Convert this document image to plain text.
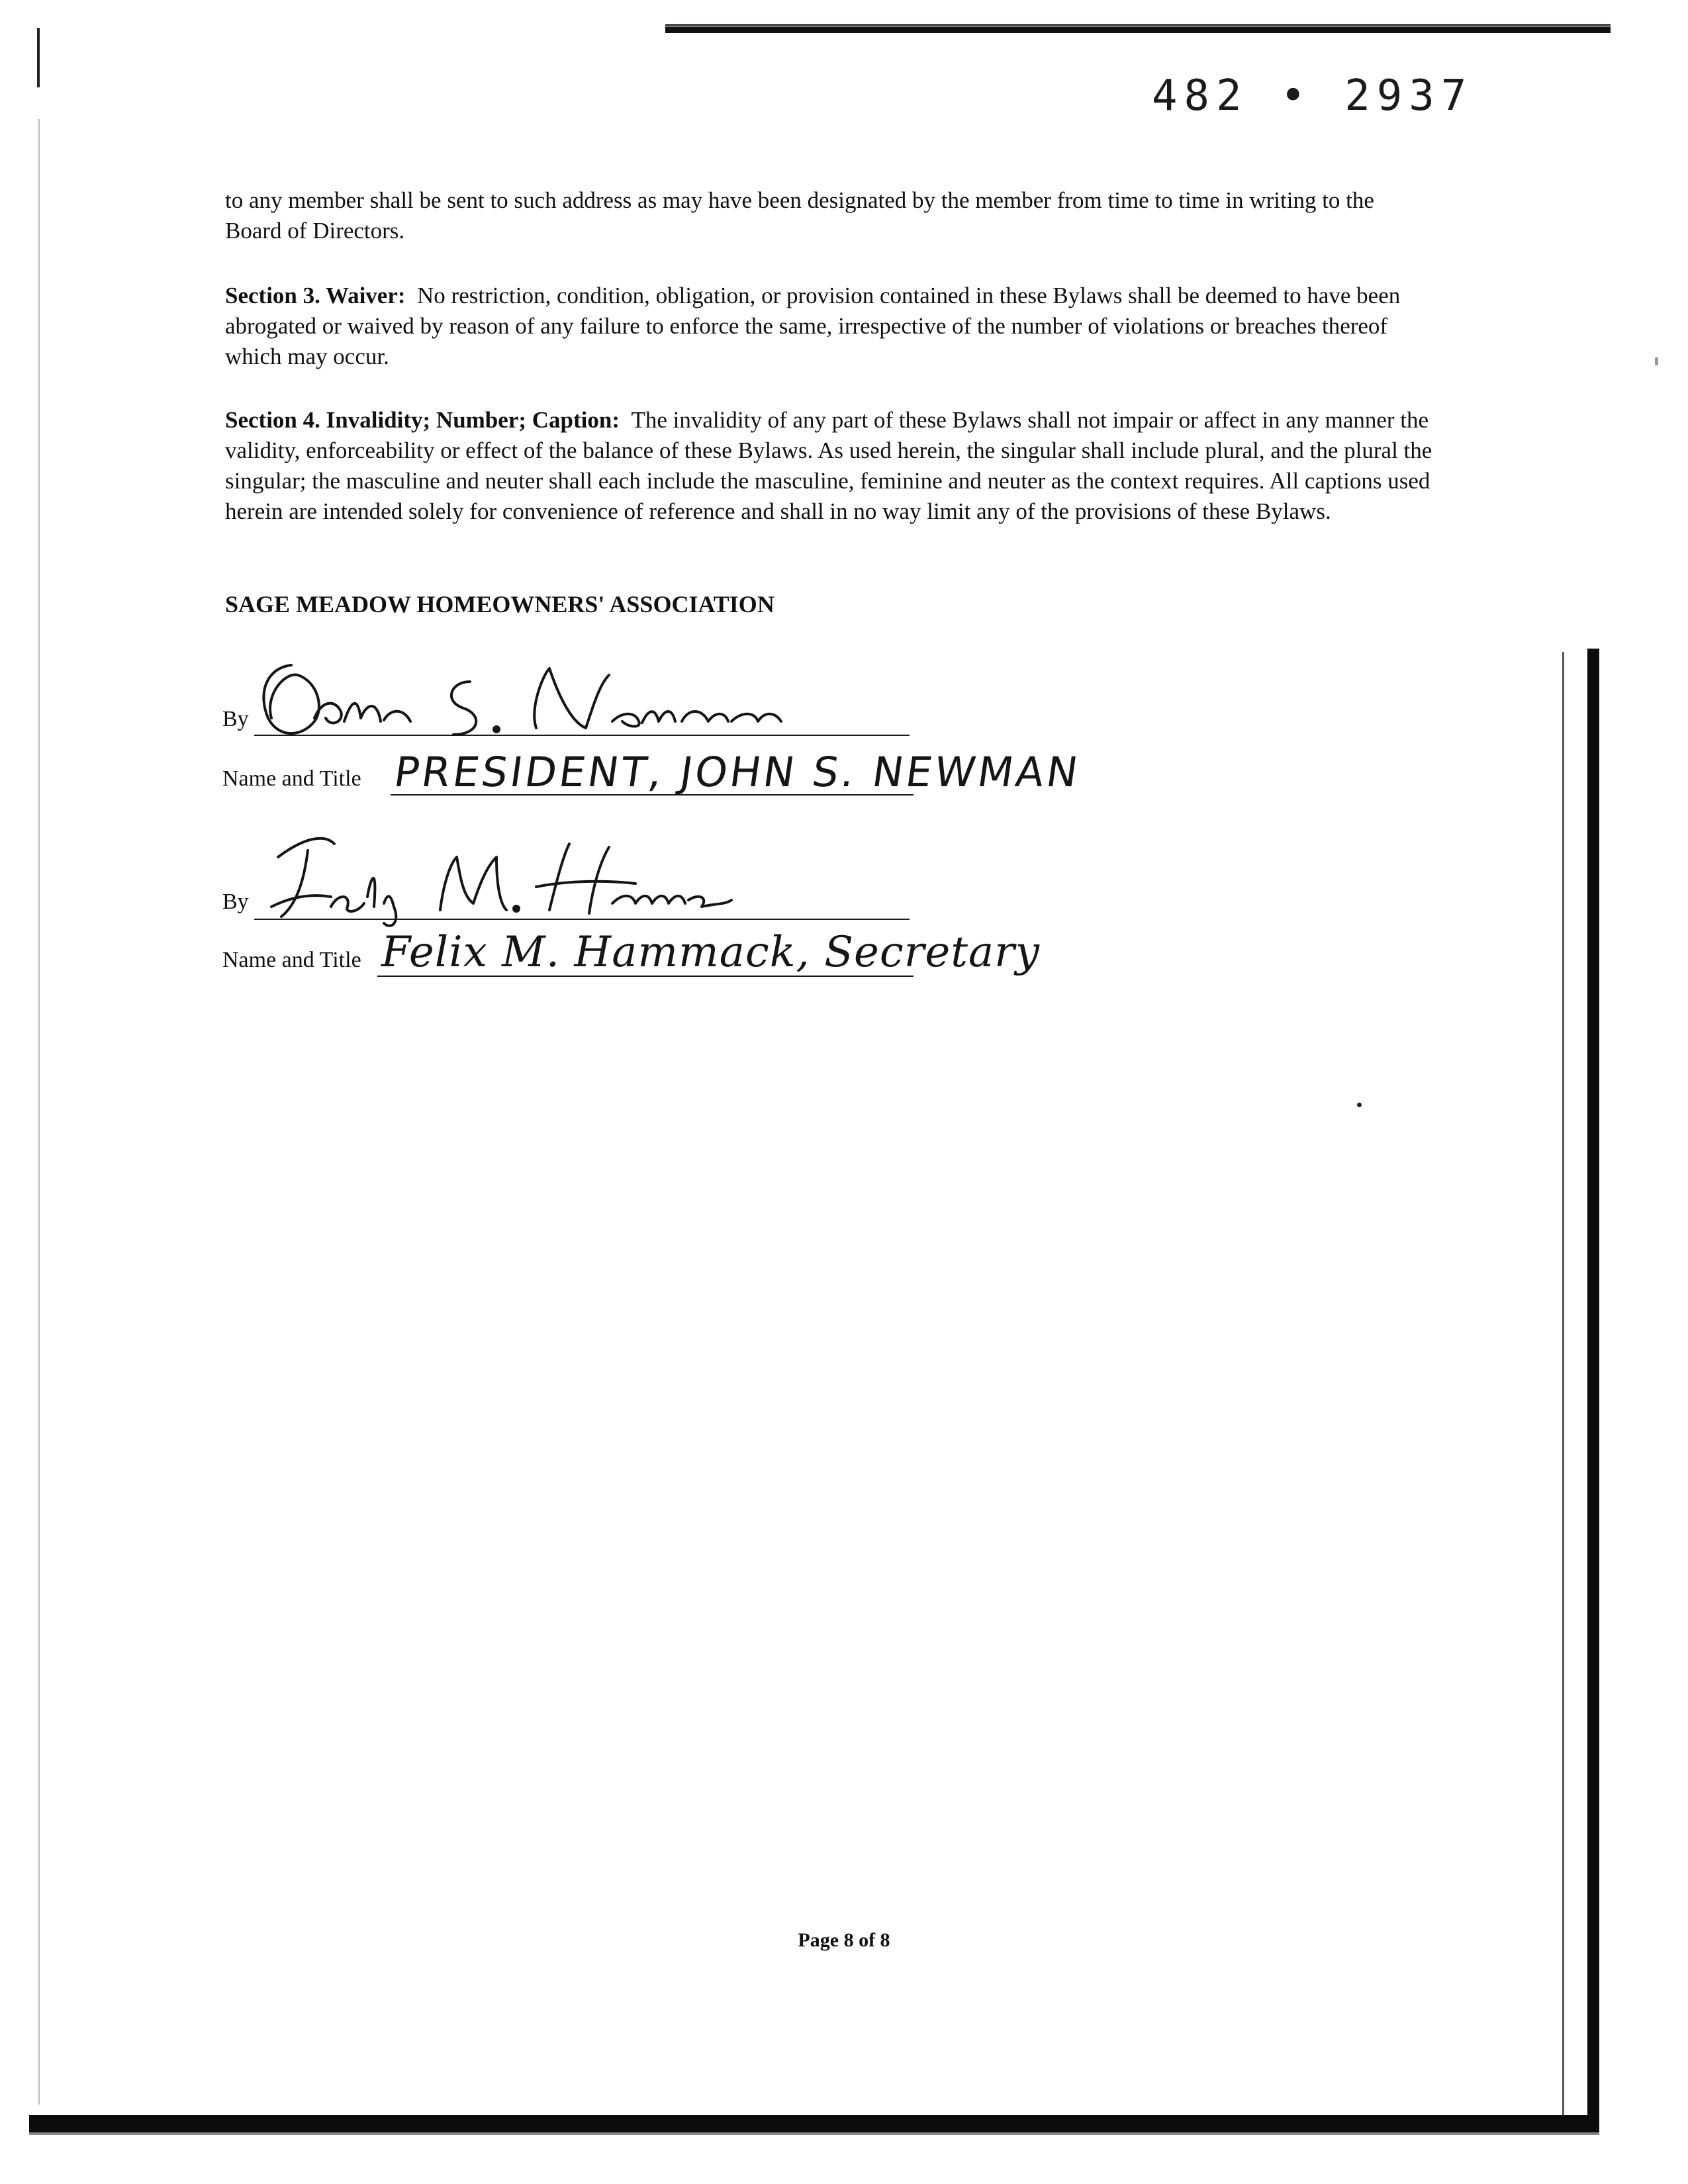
482 • 2937

to any member shall be sent to such address as may have been designated by the member from time to time in writing to the Board of Directors.

Section 3. Waiver: No restriction, condition, obligation, or provision contained in these Bylaws shall be deemed to have been abrogated or waived by reason of any failure to enforce the same, irrespective of the number of violations or breaches thereof which may occur.

Section 4. Invalidity; Number; Caption: The invalidity of any part of these Bylaws shall not impair or affect in any manner the validity, enforceability or effect of the balance of these Bylaws. As used herein, the singular shall include plural, and the plural the singular; the masculine and neuter shall each include the masculine, feminine and neuter as the context requires. All captions used herein are intended solely for convenience of reference and shall in no way limit any of the provisions of these Bylaws.

SAGE MEADOW HOMEOWNERS' ASSOCIATION
By
Name and Title PRESIDENT, JOHN S. NEWMAN
By
Name and Title Felix M. Hammack, Secretary
Page 8 of 8
